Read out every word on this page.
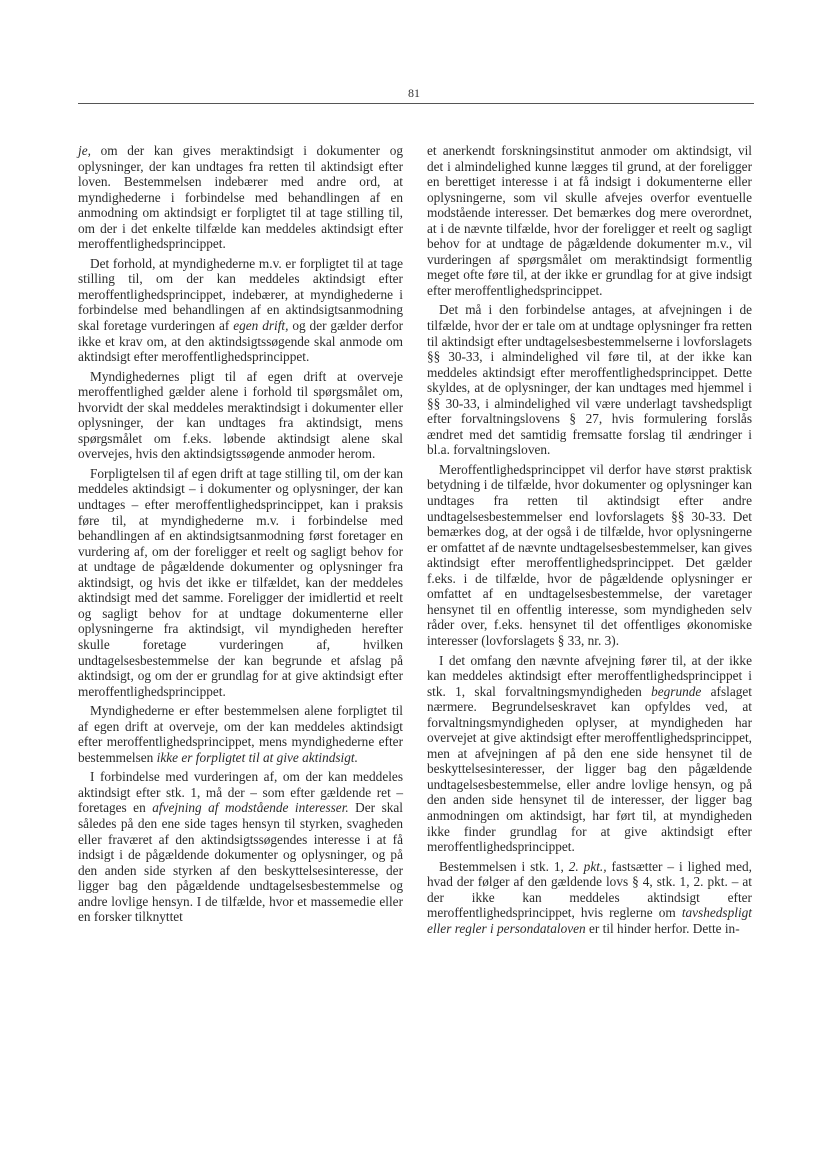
81

je, om der kan gives meraktindsigt i dokumenter og oplysninger, der kan undtages fra retten til aktindsigt efter loven. Bestemmelsen indebærer med andre ord, at myndighederne i forbindelse med behandlingen af en anmodning om aktindsigt er forpligtet til at tage stilling til, om der i det enkelte tilfælde kan meddeles aktindsigt efter meroffentlighedsprincippet.

Det forhold, at myndighederne m.v. er forpligtet til at tage stilling til, om der kan meddeles aktindsigt efter meroffentlighedsprincippet, indebærer, at myndighederne i forbindelse med behandlingen af en aktindsigtsanmodning skal foretage vurderingen af egen drift, og der gælder derfor ikke et krav om, at den aktindsigtssøgende skal anmode om aktindsigt efter meroffentlighedsprincippet.

Myndighedernes pligt til af egen drift at overveje meroffentlighed gælder alene i forhold til spørgsmålet om, hvorvidt der skal meddeles meraktindsigt i dokumenter eller oplysninger, der kan undtages fra aktindsigt, mens spørgsmålet om f.eks. løbende aktindsigt alene skal overvejes, hvis den aktindsigtssøgende anmoder herom.

Forpligtelsen til af egen drift at tage stilling til, om der kan meddeles aktindsigt – i dokumenter og oplysninger, der kan undtages – efter meroffentlighedsprincippet, kan i praksis føre til, at myndighederne m.v. i forbindelse med behandlingen af en aktindsigtsanmodning først foretager en vurdering af, om der foreligger et reelt og sagligt behov for at undtage de pågældende dokumenter og oplysninger fra aktindsigt, og hvis det ikke er tilfældet, kan der meddeles aktindsigt med det samme. Foreligger der imidlertid et reelt og sagligt behov for at undtage dokumenterne eller oplysningerne fra aktindsigt, vil myndigheden herefter skulle foretage vurderingen af, hvilken undtagelsesbestemmelse der kan begrunde et afslag på aktindsigt, og om der er grundlag for at give aktindsigt efter meroffentlighedsprincippet.

Myndighederne er efter bestemmelsen alene forpligtet til af egen drift at overveje, om der kan meddeles aktindsigt efter meroffentlighedsprincippet, mens myndighederne efter bestemmelsen ikke er forpligtet til at give aktindsigt.

I forbindelse med vurderingen af, om der kan meddeles aktindsigt efter stk. 1, må der – som efter gældende ret – foretages en afvejning af modstående interesser. Der skal således på den ene side tages hensyn til styrken, svagheden eller fraværet af den aktindsigtssøgendes interesse i at få indsigt i de pågældende dokumenter og oplysninger, og på den anden side styrken af den beskyttelsesinteresse, der ligger bag den pågældende undtagelsesbestemmelse og andre lovlige hensyn. I de tilfælde, hvor et massemedie eller en forsker tilknyttet

et anerkendt forskningsinstitut anmoder om aktindsigt, vil det i almindelighed kunne lægges til grund, at der foreligger en berettiget interesse i at få indsigt i dokumenterne eller oplysningerne, som vil skulle afvejes overfor eventuelle modstående interesser. Det bemærkes dog mere overordnet, at i de nævnte tilfælde, hvor der foreligger et reelt og sagligt behov for at undtage de pågældende dokumenter m.v., vil vurderingen af spørgsmålet om meraktindsigt formentlig meget ofte føre til, at der ikke er grundlag for at give indsigt efter meroffentlighedsprincippet.

Det må i den forbindelse antages, at afvejningen i de tilfælde, hvor der er tale om at undtage oplysninger fra retten til aktindsigt efter undtagelsesbestemmelserne i lovforslagets §§ 30-33, i almindelighed vil føre til, at der ikke kan meddeles aktindsigt efter meroffentlighedsprincippet. Dette skyldes, at de oplysninger, der kan undtages med hjemmel i §§ 30-33, i almindelighed vil være underlagt tavshedspligt efter forvaltningslovens § 27, hvis formulering forslås ændret med det samtidig fremsatte forslag til ændringer i bl.a. forvaltningsloven.

Meroffentlighedsprincippet vil derfor have størst praktisk betydning i de tilfælde, hvor dokumenter og oplysninger kan undtages fra retten til aktindsigt efter andre undtagelsesbestemmelser end lovforslagets §§ 30-33. Det bemærkes dog, at der også i de tilfælde, hvor oplysningerne er omfattet af de nævnte undtagelsesbestemmelser, kan gives aktindsigt efter meroffentlighedsprincippet. Det gælder f.eks. i de tilfælde, hvor de pågældende oplysninger er omfattet af en undtagelsesbestemmelse, der varetager hensynet til en offentlig interesse, som myndigheden selv råder over, f.eks. hensynet til det offentliges økonomiske interesser (lovforslagets § 33, nr. 3).

I det omfang den nævnte afvejning fører til, at der ikke kan meddeles aktindsigt efter meroffentlighedsprincippet i stk. 1, skal forvaltningsmyndigheden begrunde afslaget nærmere. Begrundelseskravet kan opfyldes ved, at forvaltningsmyndigheden oplyser, at myndigheden har overvejet at give aktindsigt efter meroffentlighedsprincippet, men at afvejningen af på den ene side hensynet til de beskyttelsesinteresser, der ligger bag den pågældende undtagelsesbestemmelse, eller andre lovlige hensyn, og på den anden side hensynet til de interesser, der ligger bag anmodningen om aktindsigt, har ført til, at myndigheden ikke finder grundlag for at give aktindsigt efter meroffentlighedsprincippet.

Bestemmelsen i stk. 1, 2. pkt., fastsætter – i lighed med, hvad der følger af den gældende lovs § 4, stk. 1, 2. pkt. – at der ikke kan meddeles aktindsigt efter meroffentlighedsprincippet, hvis reglerne om tavshedspligt eller regler i persondataloven er til hinder herfor. Dette in-
